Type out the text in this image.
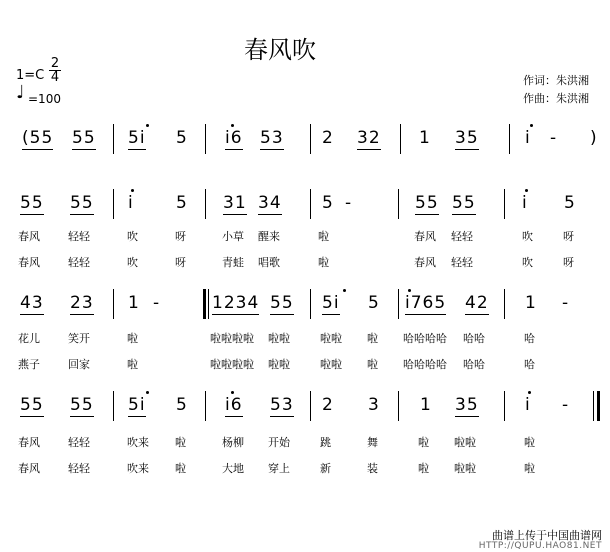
春风吹
1=C
2
4
♩ =100
作词：朱洪湘
作曲：朱洪湘
(55 55 5i 5 i6 53 2 32 1 35	i - )
55 55 i 5 31 34 5 -	55 55	i 5
春风	轻轻	吹	呀	小草 醒来	啦	春风 轻轻	吹	呀
春风	轻轻	吹	呀	青蛙 唱歌	啦	春风 轻轻	吹	呀
43 23 1 -	1234 55 5i 5 i765 42 1 -
花儿	笑开	啦	啦啦啦啦 啦啦	啦啦 啦 哈哈哈哈 哈哈	哈
燕子	回家	啦	啦啦啦啦 啦啦	啦啦 啦 哈哈哈哈 哈哈	哈
55 55 5i 5 i6 53 2 3 1 35	i -
春风	轻轻	吹来 啦	杨柳 开始	跳	舞	啦 啦啦	啦
春风	轻轻	吹来 啦	大地 穿上	新	装	啦 啦啦	啦
曲谱上传于中国曲谱网
HTTP://QUPU.HAO81.NET
